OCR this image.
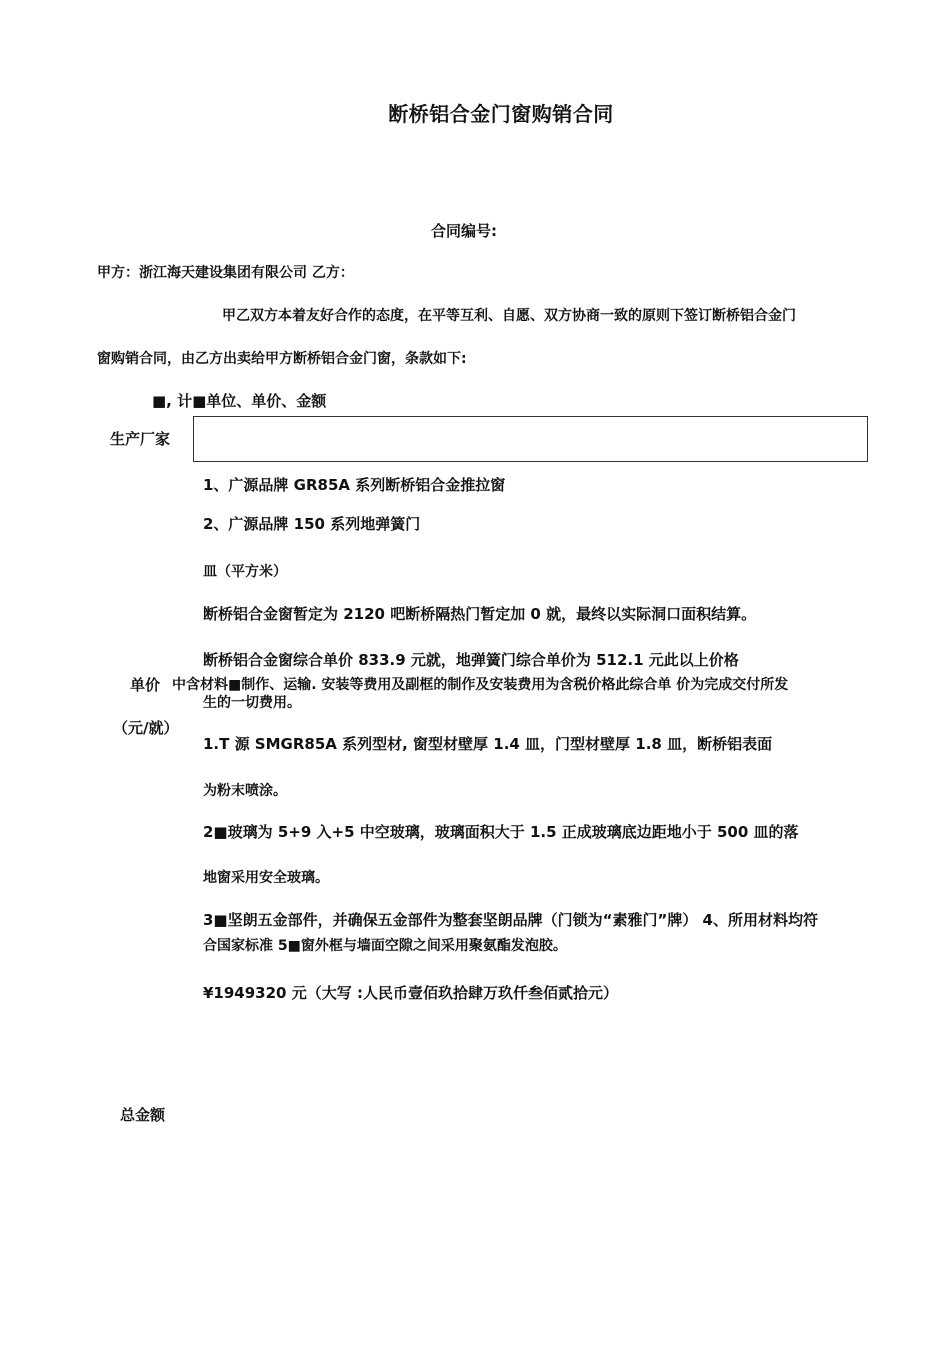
断桥铝合金门窗购销合同
合同编号:
甲方：浙江海天建设集团有限公司 乙方：
甲乙双方本着友好合作的态度，在平等互利、自愿、双方协商一致的原则下签订断桥铝合金门
窗购销合同，由乙方出卖给甲方断桥铝合金门窗，条款如下:
■, 计■单位、单价、金额
生产厂家
1、广源品牌 GR85A 系列断桥铝合金推拉窗
2、广源品牌 150 系列地弹簧门
皿（平方米）
断桥铝合金窗暂定为 2120 吧断桥隔热门暂定加 0 就，最终以实际洞口面积结算。
断桥铝合金窗综合单价 833.9 元就，地弹簧门综合单价为 512.1 元此以上价格
单价 中含材料■制作、运输. 安装等费用及副框的制作及安装费用为含税价格此综合单 价为完成交付所发
生的一切费用。
（元/就）
1.T 源 SMGR85A 系列型材, 窗型材壁厚 1.4 皿，门型材壁厚 1.8 皿，断桥铝表面
为粉末喷涂。
2■玻璃为 5+9 入+5 中空玻璃，玻璃面积大于 1.5 正成玻璃底边距地小于 500 皿的落
地窗采用安全玻璃。
3■坚朗五金部件，并确保五金部件为整套坚朗品牌（门锁为“素雅门”牌） 4、所用材料均符
合国家标准 5■窗外框与墙面空隙之间采用聚氨酯发泡胶。
¥1949320 元（大写 :人民币壹佰玖拾肆万玖仟叁佰贰拾元）
总金额
